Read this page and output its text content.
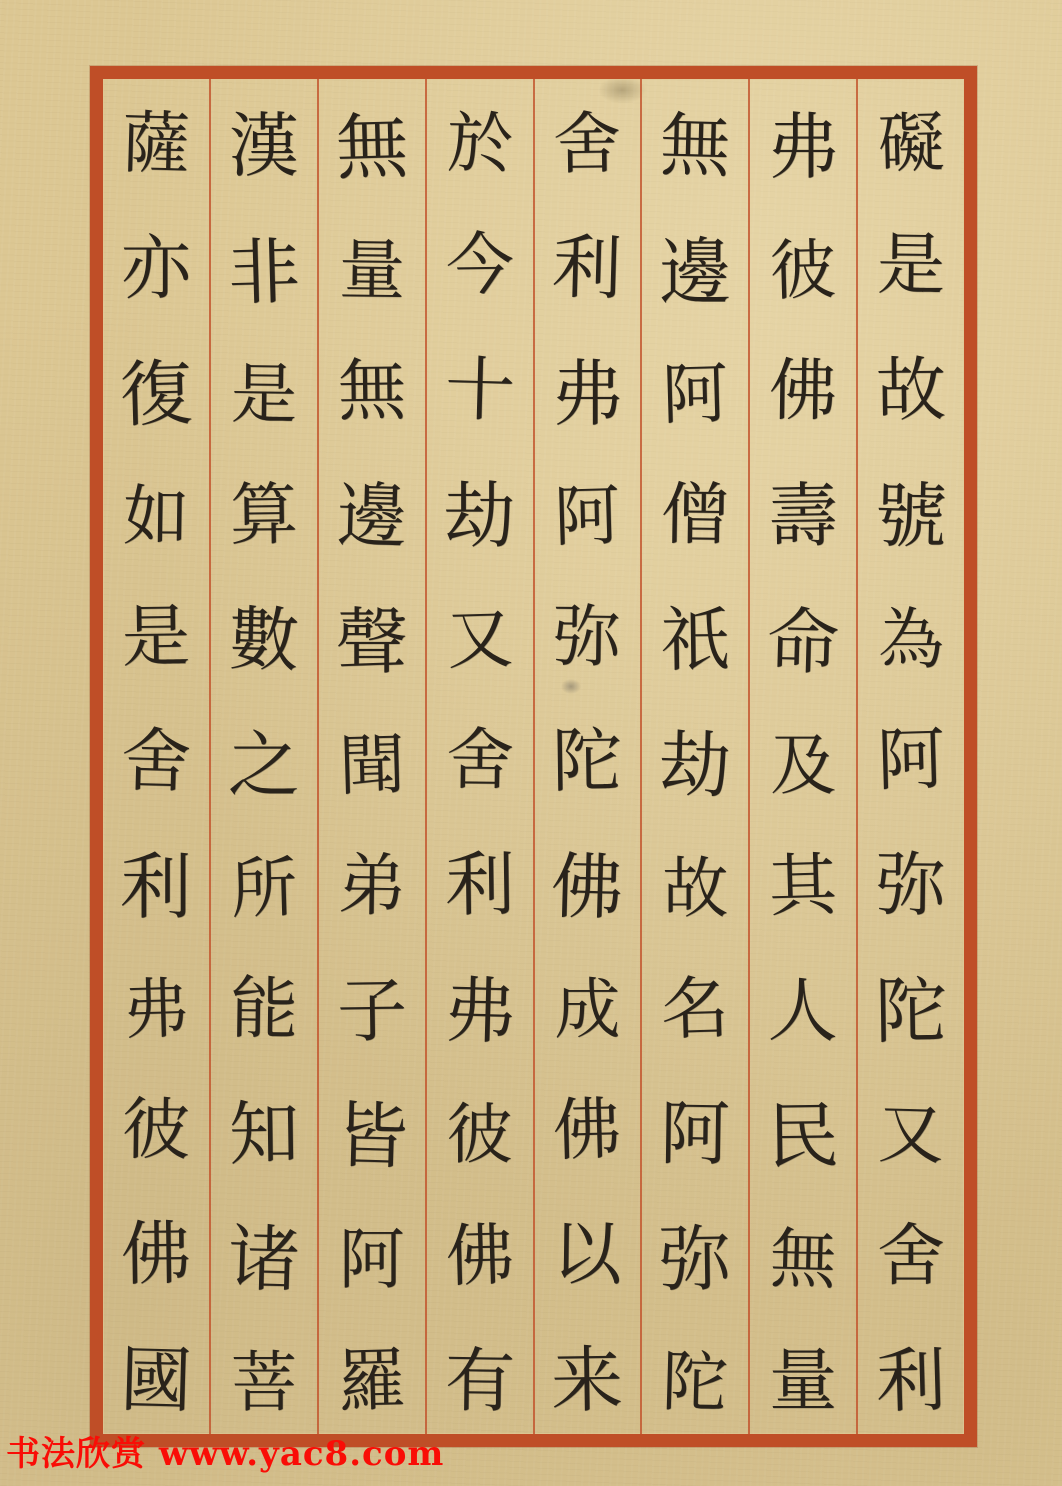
礙
是
故
號
為
阿
弥
陀
又
舍
利
弗
彼
佛
壽
命
及
其
人
民
無
量
無
邊
阿
僧
祇
劫
故
名
阿
弥
陀
舍
利
弗
阿
弥
陀
佛
成
佛
以
来
於
今
十
劫
又
舍
利
弗
彼
佛
有
無
量
無
邊
聲
聞
弟
子
皆
阿
羅
漢
非
是
算
數
之
所
能
知
诸
菩
薩
亦
復
如
是
舍
利
弗
彼
佛
國
书法欣赏 www.yac8.com
